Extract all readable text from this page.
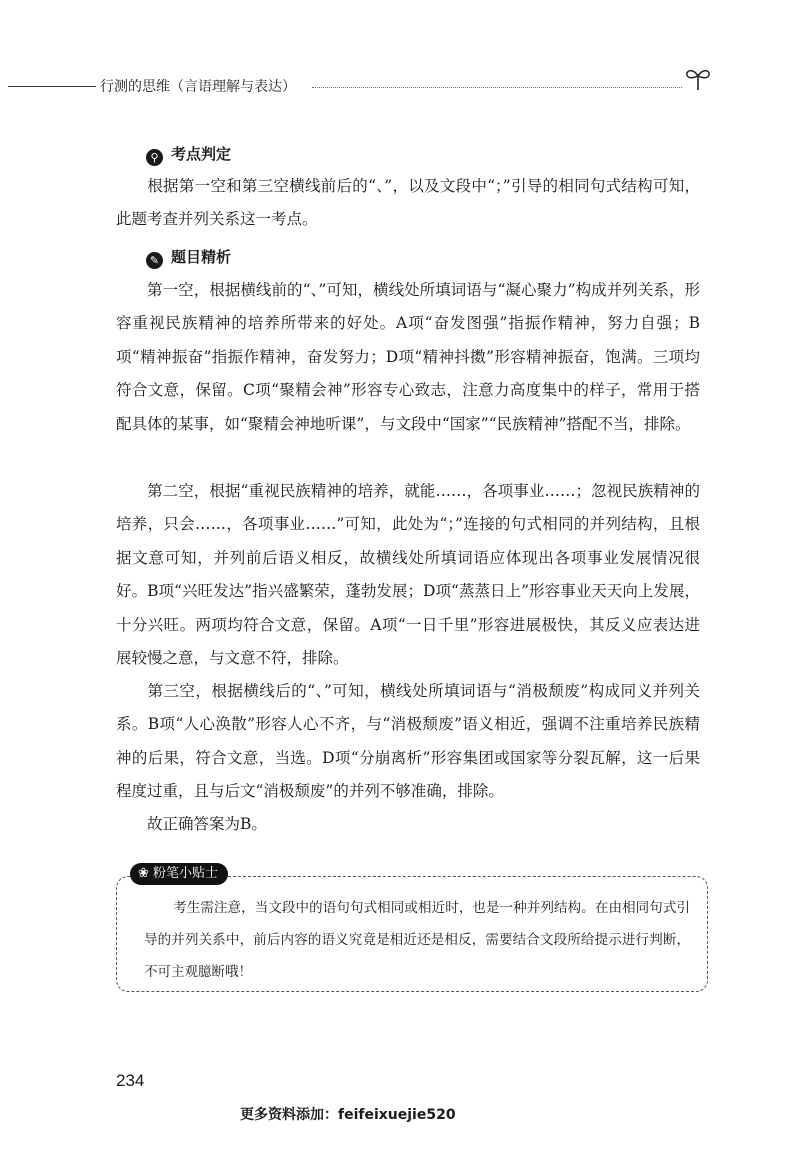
行测的思维（言语理解与表达）
⚲ 考点判定
根据第一空和第三空横线前后的“、”，以及文段中“；”引导的相同句式结构可知，此题考查并列关系这一考点。
✎ 题目精析
第一空，根据横线前的“、”可知，横线处所填词语与“凝心聚力”构成并列关系，形容重视民族精神的培养所带来的好处。A项“奋发图强”指振作精神，努力自强；B项“精神振奋”指振作精神，奋发努力；D项“精神抖擞”形容精神振奋，饱满。三项均符合文意，保留。C项“聚精会神”形容专心致志，注意力高度集中的样子，常用于搭配具体的某事，如“聚精会神地听课”，与文段中“国家”“民族精神”搭配不当，排除。
第二空，根据“重视民族精神的培养，就能……，各项事业……；忽视民族精神的培养，只会……，各项事业……”可知，此处为“；”连接的句式相同的并列结构，且根据文意可知，并列前后语义相反，故横线处所填词语应体现出各项事业发展情况很好。B项“兴旺发达”指兴盛繁荣，蓬勃发展；D项“蒸蒸日上”形容事业天天向上发展，十分兴旺。两项均符合文意，保留。A项“一日千里”形容进展极快，其反义应表达进展较慢之意，与文意不符，排除。
第三空，根据横线后的“、”可知，横线处所填词语与“消极颓废”构成同义并列关系。B项“人心涣散”形容人心不齐，与“消极颓废”语义相近，强调不注重培养民族精神的后果，符合文意，当选。D项“分崩离析”形容集团或国家等分裂瓦解，这一后果程度过重，且与后文“消极颓废”的并列不够准确，排除。
故正确答案为B。
❀ 粉笔小贴士
考生需注意，当文段中的语句句式相同或相近时，也是一种并列结构。在由相同句式引导的并列关系中，前后内容的语义究竟是相近还是相反，需要结合文段所给提示进行判断，不可主观臆断哦！
234
更多资料添加：feifeixuejie520
